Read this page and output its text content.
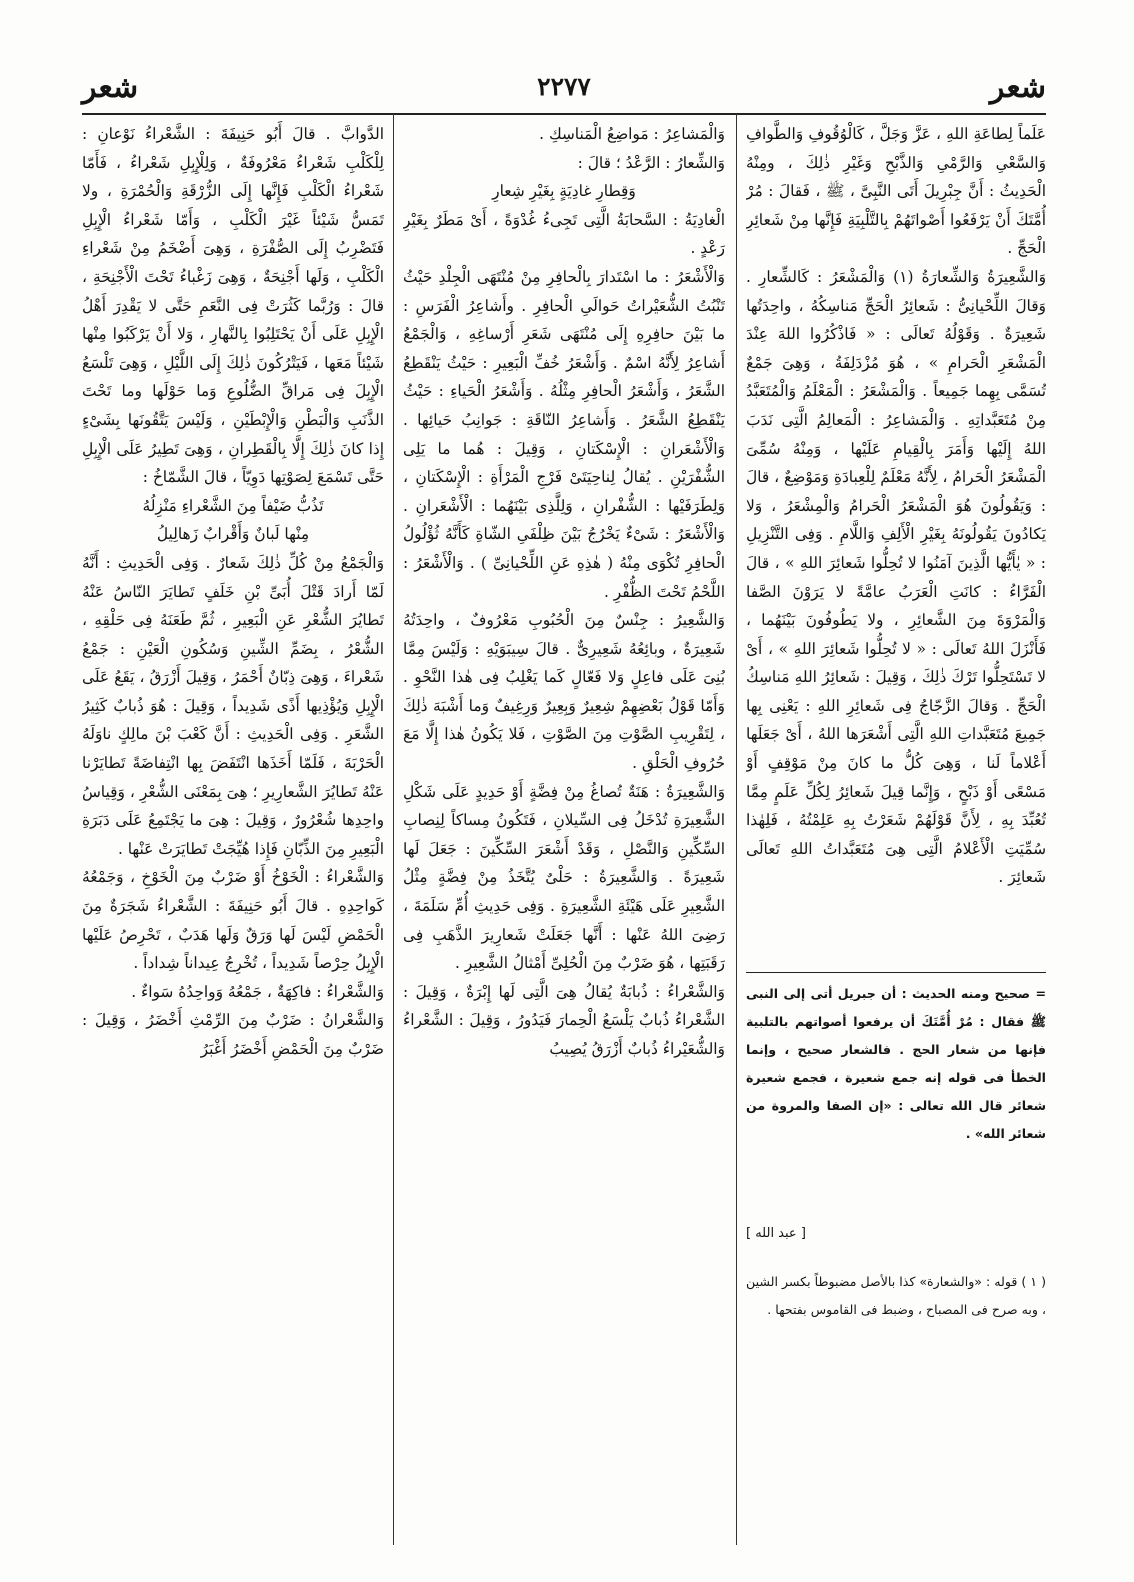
شعر
٢٢٧٧
شعر

عَلَماً لِطاعَةِ اللهِ ، عَزَّ وَجَلَّ ، كَالْوُقُوفِ وَالطَّوافِ وَالسَّعْىِ وَالرَّمْىِ وَالذَّبْحِ وَغَيْرِ ذٰلِكَ ، ومِنْهُ الْحَدِيثُ : أَنَّ جِبْرِيلَ أَتَى النَّبِىَّ ، ﷺ ، فَقالَ : مُرْ أُمَّتَكَ أَنْ يَرْفَعُوا أَصْواتَهُمْ بِالتَّلْبِيَةِ فَإِنَّها مِنْ شَعائِرِ الْحَجِّ .

وَالشَّعِيرَةُ وَالشِّعارَةُ (١) وَالْمَشْعَرُ : كَالشِّعارِ . وَقالَ اللِّحْيانِىُّ : شَعائِرُ الْحَجِّ مَناسِكُهُ ، واحِدَتُها شَعِيرَةٌ . وَقَوْلُهُ تَعالَى : « فَاذْكُرُوا اللهَ عِنْدَ الْمَشْعَرِ الْحَرامِ » ، هُوَ مُزْدَلِفَةُ ، وَهِىَ جَمْعٌ تُسَمَّى بِهِما جَمِيعاً . وَالْمَشْعَرُ : الْمَعْلَمُ وَالْمُتَعَبَّدُ مِنْ مُتَعَبَّداتِهِ . وَالْمَشاعِرُ : الْمَعالِمُ الَّتِى نَدَبَ اللهُ إِلَيْها وَأَمَرَ بِالْقِيامِ عَلَيْها ، وَمِنْهُ سُمِّىَ الْمَشْعَرُ الْحَرامُ ، لِأَنَّهُ مَعْلَمٌ لِلْعِبادَةِ وَمَوْضِعٌ ، قالَ : وَيَقُولُونَ هُوَ الْمَشْعَرُ الْحَرامُ وَالْمِشْعَرُ ، وَلا يَكادُونَ يَقُولُونَهُ بِغَيْرِ الْأَلِفِ وَاللَّامِ . وَفِى التَّنْزِيلِ : « يٰأَيُّها الَّذِينَ آمَنُوا لا تُحِلُّوا شَعائِرَ اللهِ » ، قالَ الْفَرَّاءُ : كانَتِ الْعَرَبُ عامَّةً لا يَرَوْنَ الصَّفا وَالْمَرْوَةَ مِنَ الشَّعائِرِ ، ولا يَطُوفُونَ بَيْنَهُما ، فَأَنْزَلَ اللهُ تَعالَى : « لا تُحِلُّوا شَعائِرَ اللهِ » ، أَىْ لا تَسْتَحِلُّوا تَرْكَ ذٰلِكَ ، وَقِيلَ : شَعائِرُ اللهِ مَناسِكُ الْحَجِّ . وَقالَ الزَّجّاجُ فِى شَعائِرِ اللهِ : يَعْنِى بِها جَمِيعَ مُتَعَبَّداتِ اللهِ الَّتِى أَشْعَرَها اللهُ ، أَىْ جَعَلَها أَعْلاماً لَنا ، وَهِىَ كُلُّ ما كانَ مِنْ مَوْقِفٍ أَوْ مَسْعًى أَوْ ذَبْحٍ ، وَإِنَّما قِيلَ شَعائِرُ لِكُلِّ عَلَمٍ مِمَّا تُعُبِّدَ بِهِ ، لِأَنَّ قَوْلَهُمْ شَعَرْتُ بِهِ عَلِمْتُهُ ، فَلِهٰذا سُمِّيَتِ الْأَعْلامُ الَّتِى هِىَ مُتَعَبَّداتُ اللهِ تَعالَى شَعائِرَ .

وَالْمَشاعِرُ : مَواضِعُ الْمَناسِكِ .

وَالشِّعارُ : الرَّعْدُ ؛ قالَ :

وَقِطارِ غادِيَةٍ بِغَيْرِ شِعارِ

الْغادِيَةُ : السَّحابَةُ الَّتِى تَجِىءُ غُدْوَةً ، أَىْ مَطَرٌ بِغَيْرِ رَعْدٍ .

وَالْأَشْعَرُ : ما اسْتَدارَ بِالْحافِرِ مِنْ مُنْتَهَى الْجِلْدِ حَيْثُ تَنْبُتُ الشُّعَيْراتُ حَوالَىِ الْحافِرِ . وأَشاعِرُ الْفَرَسِ : ما بَيْنَ حافِرِهِ إِلَى مُنْتَهَى شَعَرِ أَرْساغِهِ ، وَالْجَمْعُ أَشاعِرُ لِأَنَّهُ اسْمٌ . وَأَشْعَرُ خُفِّ الْبَعِيرِ : حَيْثُ يَنْقَطِعُ الشَّعَرُ ، وَأَشْعَرُ الْحافِرِ مِثْلُهُ . وَأَشْعَرُ الْحَياءِ : حَيْثُ يَنْقَطِعُ الشَّعَرُ . وَأَشاعِرُ النّاقَةِ : جَوانِبُ حَيائِها . وَالْأَشْعَرانِ : الْإِسْكَتانِ ، وَقِيلَ : هُما ما يَلِى الشُّفْرَيْنِ . يُقالُ لِناحِيَتَىْ فَرْجِ الْمَرْأَةِ : الْإِسْكَتانِ ، وَلِطَرَفَيْها : الشُّفْرانِ ، وَلِلَّذِى بَيْنَهُما : الْأَشْعَرانِ . وَالْأَشْعَرُ : شَىْءٌ يَخْرُجُ بَيْنَ ظِلْفَىِ الشّاةِ كَأَنَّهُ ثُؤْلُولُ الْحافِرِ تُكْوَى مِنْهُ ( هٰذِهِ عَنِ اللِّحْيانِىِّ ) . وَالْأَشْعَرُ : اللَّحْمُ تَحْتَ الظُّفْرِ .

وَالشَّعِيرُ : جِنْسٌ مِنَ الْحُبُوبِ مَعْرُوفٌ ، واحِدَتُهُ شَعِيرَةٌ ، وبائِعُهُ شَعِيرِىٌّ . قالَ سِيبَوَيْهِ : وَلَيْسَ مِمَّا بُنِىَ عَلَى فاعِلٍ وَلا فَعّالٍ كَما يَغْلِبُ فِى هٰذا النَّحْوِ . وَأَمّا قَوْلُ بَعْضِهِمْ شِعِيرٌ وَبِعِيرٌ وَرِغِيفٌ وَما أَشْبَهَ ذٰلِكَ ، لِتَقْرِيبِ الصَّوْتِ مِنَ الصَّوْتِ ، فَلا يَكُونُ هٰذا إِلَّا مَعَ حُرُوفِ الْحَلْقِ .

وَالشَّعِيرَةُ : هَنَةٌ تُصاغُ مِنْ فِضَّةٍ أَوْ حَدِيدٍ عَلَى شَكْلِ الشَّعِيرَةِ تُدْخَلُ فِى السِّيلانِ ، فَتَكُونُ مِساكاً لِنِصابِ السِّكِّينِ وَالنَّصْلِ ، وَقَدْ أَشْعَرَ السِّكِّينَ : جَعَلَ لَها شَعِيرَةً . وَالشَّعِيرَةُ : حَلْىٌ يُتَّخَذُ مِنْ فِضَّةٍ مِثْلُ الشَّعِيرِ عَلَى هَيْئَةِ الشَّعِيرَةِ . وَفِى حَدِيثِ أُمِّ سَلَمَةَ ، رَضِىَ اللهُ عَنْها : أَنَّها جَعَلَتْ شَعارِيرَ الذَّهَبِ فِى رَقَبَتِها ، هُوَ ضَرْبٌ مِنَ الْحُلِىِّ أَمْثالُ الشَّعِيرِ .

وَالشَّعْراءُ : ذُبابَةٌ يُقالُ هِىَ الَّتِى لَها إِبْرَةٌ ، وَقِيلَ : الشَّعْراءُ ذُبابٌ يَلْسَعُ الْحِمارَ فَيَدُورُ ، وَقِيلَ : الشَّعْراءُ وَالشُّعَيْراءُ ذُبابٌ أَزْرَقُ يُصِيبُ

الدَّوابَّ . قالَ أَبُو حَنِيفَةَ : الشَّعْراءُ نَوْعانِ : لِلْكَلْبِ شَعْراءُ مَعْرُوفَةٌ ، وَلِلْإِبِلِ شَعْراءُ ، فَأَمّا شَعْراءُ الْكَلْبِ فَإِنَّها إِلَى الزُّرْقَةِ وَالْحُمْرَةِ ، ولا تَمَسُّ شَيْئاً غَيْرَ الْكَلْبِ ، وَأَمّا شَعْراءُ الْإِبِلِ فَتَضْرِبُ إِلَى الصُّفْرَةِ ، وَهِىَ أَضْخَمُ مِنْ شَعْراءِ الْكَلْبِ ، وَلَها أَجْنِحَةٌ ، وَهِىَ زَغْباءُ تَحْتَ الْأَجْنِحَةِ ، قالَ : وَرُبَّما كَثُرَتْ فِى النَّعَمِ حَتَّى لا يَقْدِرَ أَهْلُ الْإِبِلِ عَلَى أَنْ يَحْتَلِبُوا بِالنَّهارِ ، وَلا أَنْ يَرْكَبُوا مِنْها شَيْئاً مَعَها ، فَيَتْرُكُونَ ذٰلِكَ إِلَى اللَّيْلِ ، وَهِىَ تَلْسَعُ الْإِبِلَ فِى مَراقِّ الضُّلُوعِ وَما حَوْلَها وما تَحْتَ الذَّنَبِ وَالْبَطْنِ وَالْإِبْطَيْنِ ، وَلَيْسَ يَتَّقُونَها بِشَىْءٍ إِذا كانَ ذٰلِكَ إِلَّا بِالْقَطِرانِ ، وَهِىَ تَطِيرُ عَلَى الْإِبِلِ حَتَّى تَسْمَعَ لِصَوْتِها دَوِيّاً ، قالَ الشَّمّاخُ :

تَذُبُّ ضَيْفاً مِنَ الشَّعْراءِ مَنْزِلُهُ

مِنْها لَبانٌ وَأَقْرابٌ زَهالِيلُ

وَالْجَمْعُ مِنْ كُلِّ ذٰلِكَ شَعارٌ . وَفِى الْحَدِيثِ : أَنَّهُ لَمّا أَرادَ قَتْلَ أُبَىِّ بْنِ خَلَفٍ تَطايَرَ النّاسُ عَنْهُ تَطايُرَ الشُّعْرِ عَنِ الْبَعِيرِ ، ثُمَّ طَعَنَهُ فِى حَلْقِهِ ، الشُّعْرُ ، بِضَمِّ الشِّينِ وَسُكُونِ الْعَيْنِ : جَمْعُ شَعْراءَ ، وَهِىَ ذِبّانٌ أَحْمَرُ ، وَقِيلَ أَزْرَقُ ، يَقَعُ عَلَى الْإِبِلِ وَيُؤْذِيها أَذًى شَدِيداً ، وَقِيلَ : هُوَ ذُبابٌ كَثِيرُ الشَّعَرِ . وَفِى الْحَدِيثِ : أَنَّ كَعْبَ بْنَ مالِكٍ ناوَلَهُ الْحَرْبَةَ ، فَلَمّا أَخَذَها انْتَفَضَ بِها انْتِفاضَةً تَطايَرْنا عَنْهُ تَطايُرَ الشَّعارِيرِ ؛ هِىَ بِمَعْنَى الشُّعْرِ ، وَقِياسُ واحِدِها شُعْرُورٌ ، وَقِيلَ : هِىَ ما يَجْتَمِعُ عَلَى دَبَرَةِ الْبَعِيرِ مِنَ الذِّبّانِ فَإِذا هُيِّجَتْ تَطايَرَتْ عَنْها .

وَالشَّعْراءُ : الْخَوْخُ أَوْ ضَرْبٌ مِنَ الْخَوْخِ ، وَجَمْعُهُ كَواحِدِهِ . قالَ أَبُو حَنِيفَةَ : الشَّعْراءُ شَجَرَةٌ مِنَ الْحَمْضِ لَيْسَ لَها وَرَقٌ وَلَها هَدَبٌ ، تَحْرِصُ عَلَيْها الْإِبِلُ حِرْصاً شَدِيداً ، تُخْرِجُ عِيداناً شِداداً .

وَالشَّعْراءُ : فاكِهَةٌ ، جَمْعُهُ وَواحِدُهُ سَواءٌ .

وَالشَّعْرانُ : ضَرْبٌ مِنَ الرِّمْثِ أَخْضَرُ ، وَقِيلَ : ضَرْبٌ مِنَ الْحَمْضِ أَخْضَرُ أَغْبَرُ

= صحيح ومنه الحديث : أن جبريل أتى إلى النبى ﷺ فقال : مُرْ أُمَّتَكَ أن يرفعوا أصواتهم بالتلبية فإنها من شعار الحج . فالشعار صحيح ، وإنما الخطأ فى قوله إنه جمع شعيرة ، فجمع شعيرة شعائر قال الله تعالى : «إن الصفا والمروة من شعائر الله» .
[ عبد الله ]
( ١ ) قوله : «والشعارة» كذا بالأصل مضبوطاً بكسر الشين ، وبه صرح فى المصباح ، وضبط فى القاموس بفتحها .
